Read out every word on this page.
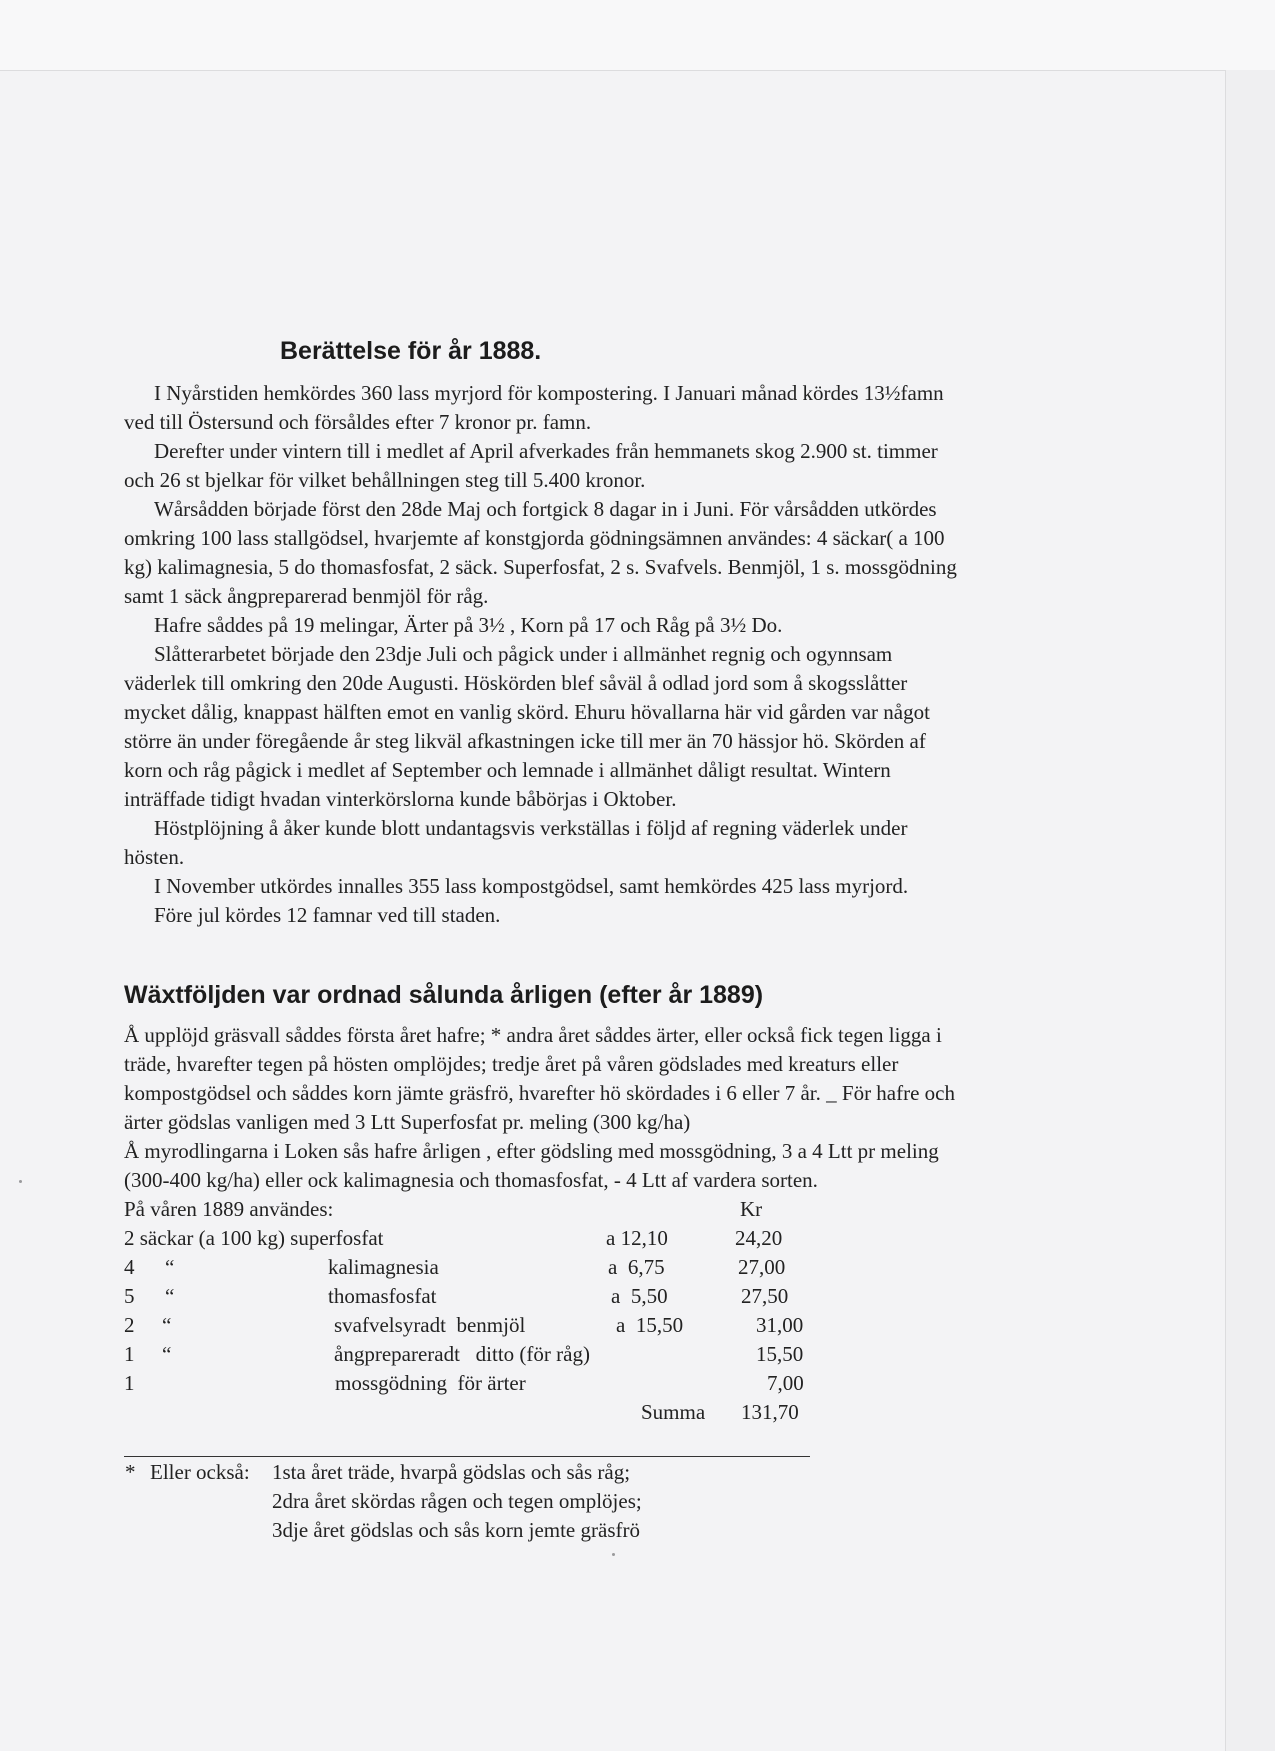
Berättelse för år 1888.
I Nyårstiden hemkördes 360 lass myrjord för kompostering. I Januari månad kördes 13½famn
ved till Östersund och försåldes efter 7 kronor pr. famn.
Derefter under vintern till i medlet af April afverkades från hemmanets skog 2.900 st. timmer
och 26 st bjelkar för vilket behållningen steg till 5.400 kronor.
Wårsådden började först den 28de Maj och fortgick 8 dagar in i Juni. För vårsådden utkördes
omkring 100 lass stallgödsel, hvarjemte af konstgjorda gödningsämnen användes: 4 säckar( a 100
kg) kalimagnesia, 5 do thomasfosfat, 2 säck. Superfosfat, 2 s. Svafvels. Benmjöl, 1 s. mossgödning
samt 1 säck ångpreparerad benmjöl för råg.
Hafre såddes på 19 melingar, Ärter på 3½ , Korn på 17 och Råg på 3½ Do.
Slåtterarbetet började den 23dje Juli och pågick under i allmänhet regnig och ogynnsam
väderlek till omkring den 20de Augusti. Höskörden blef såväl å odlad jord som å skogsslåtter
mycket dålig, knappast hälften emot en vanlig skörd. Ehuru hövallarna här vid gården var något
större än under föregående år steg likväl afkastningen icke till mer än 70 hässjor hö. Skörden af
korn och råg pågick i medlet af September och lemnade i allmänhet dåligt resultat. Wintern
inträffade tidigt hvadan vinterkörslorna kunde båbörjas i Oktober.
Höstplöjning å åker kunde blott undantagsvis verkställas i följd af regning väderlek under
hösten.
I November utkördes innalles 355 lass kompostgödsel, samt hemkördes 425 lass myrjord.
Före jul kördes 12 famnar ved till staden.
Wäxtföljden var ordnad sålunda årligen (efter år 1889)
Å upplöjd gräsvall såddes första året hafre; * andra året såddes ärter, eller också fick tegen ligga i
träde, hvarefter tegen på hösten omplöjdes; tredje året på våren gödslades med kreaturs eller
kompostgödsel och såddes korn jämte gräsfrö, hvarefter hö skördades i 6 eller 7 år. _ För hafre och
ärter gödslas vanligen med 3 Ltt Superfosfat pr. meling (300 kg/ha)
Å myrodlingarna i Loken sås hafre årligen , efter gödsling med mossgödning, 3 a 4 Ltt pr meling
(300-400 kg/ha) eller ock kalimagnesia och thomasfosfat, - 4 Ltt af vardera sorten.
På våren 1889 användes:	Kr
2 säckar (a 100 kg) superfosfat	a 12,10	24,20
4 “	kalimagnesia	a  6,75	27,00
5 “	thomasfosfat	a  5,50	27,50
2 “	svafvelsyradt  benmjöl	a  15,50	31,00
1 “	ångprepareradt   ditto (för råg)	15,50
1	mossgödning  för ärter	7,00
Summa 131,70
* Eller också: 1sta året träde, hvarpå gödslas och sås råg;
2dra året skördas rågen och tegen omplöjes;
3dje året gödslas och sås korn jemte gräsfrö
